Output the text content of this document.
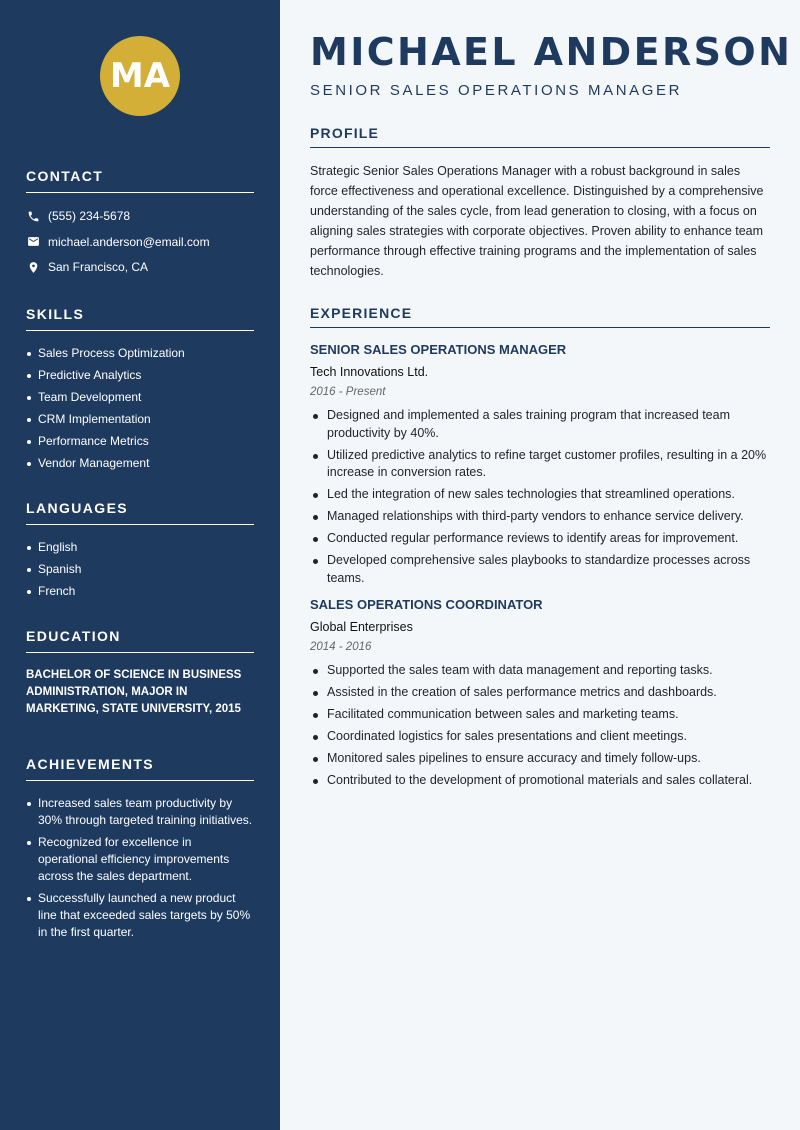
MA
CONTACT
(555) 234-5678
michael.anderson@email.com
San Francisco, CA
SKILLS
Sales Process Optimization
Predictive Analytics
Team Development
CRM Implementation
Performance Metrics
Vendor Management
LANGUAGES
English
Spanish
French
EDUCATION
BACHELOR OF SCIENCE IN BUSINESS ADMINISTRATION, MAJOR IN MARKETING, STATE UNIVERSITY, 2015
ACHIEVEMENTS
Increased sales team productivity by 30% through targeted training initiatives.
Recognized for excellence in operational efficiency improvements across the sales department.
Successfully launched a new product line that exceeded sales targets by 50% in the first quarter.
MICHAEL ANDERSON
SENIOR SALES OPERATIONS MANAGER
PROFILE

Strategic Senior Sales Operations Manager with a robust background in sales force effectiveness and operational excellence. Distinguished by a comprehensive understanding of the sales cycle, from lead generation to closing, with a focus on aligning sales strategies with corporate objectives. Proven ability to enhance team performance through effective training programs and the implementation of sales technologies.

EXPERIENCE
SENIOR SALES OPERATIONS MANAGER
Tech Innovations Ltd.
2016 - Present
Designed and implemented a sales training program that increased team productivity by 40%.
Utilized predictive analytics to refine target customer profiles, resulting in a 20% increase in conversion rates.
Led the integration of new sales technologies that streamlined operations.
Managed relationships with third-party vendors to enhance service delivery.
Conducted regular performance reviews to identify areas for improvement.
Developed comprehensive sales playbooks to standardize processes across teams.
SALES OPERATIONS COORDINATOR
Global Enterprises
2014 - 2016
Supported the sales team with data management and reporting tasks.
Assisted in the creation of sales performance metrics and dashboards.
Facilitated communication between sales and marketing teams.
Coordinated logistics for sales presentations and client meetings.
Monitored sales pipelines to ensure accuracy and timely follow-ups.
Contributed to the development of promotional materials and sales collateral.
